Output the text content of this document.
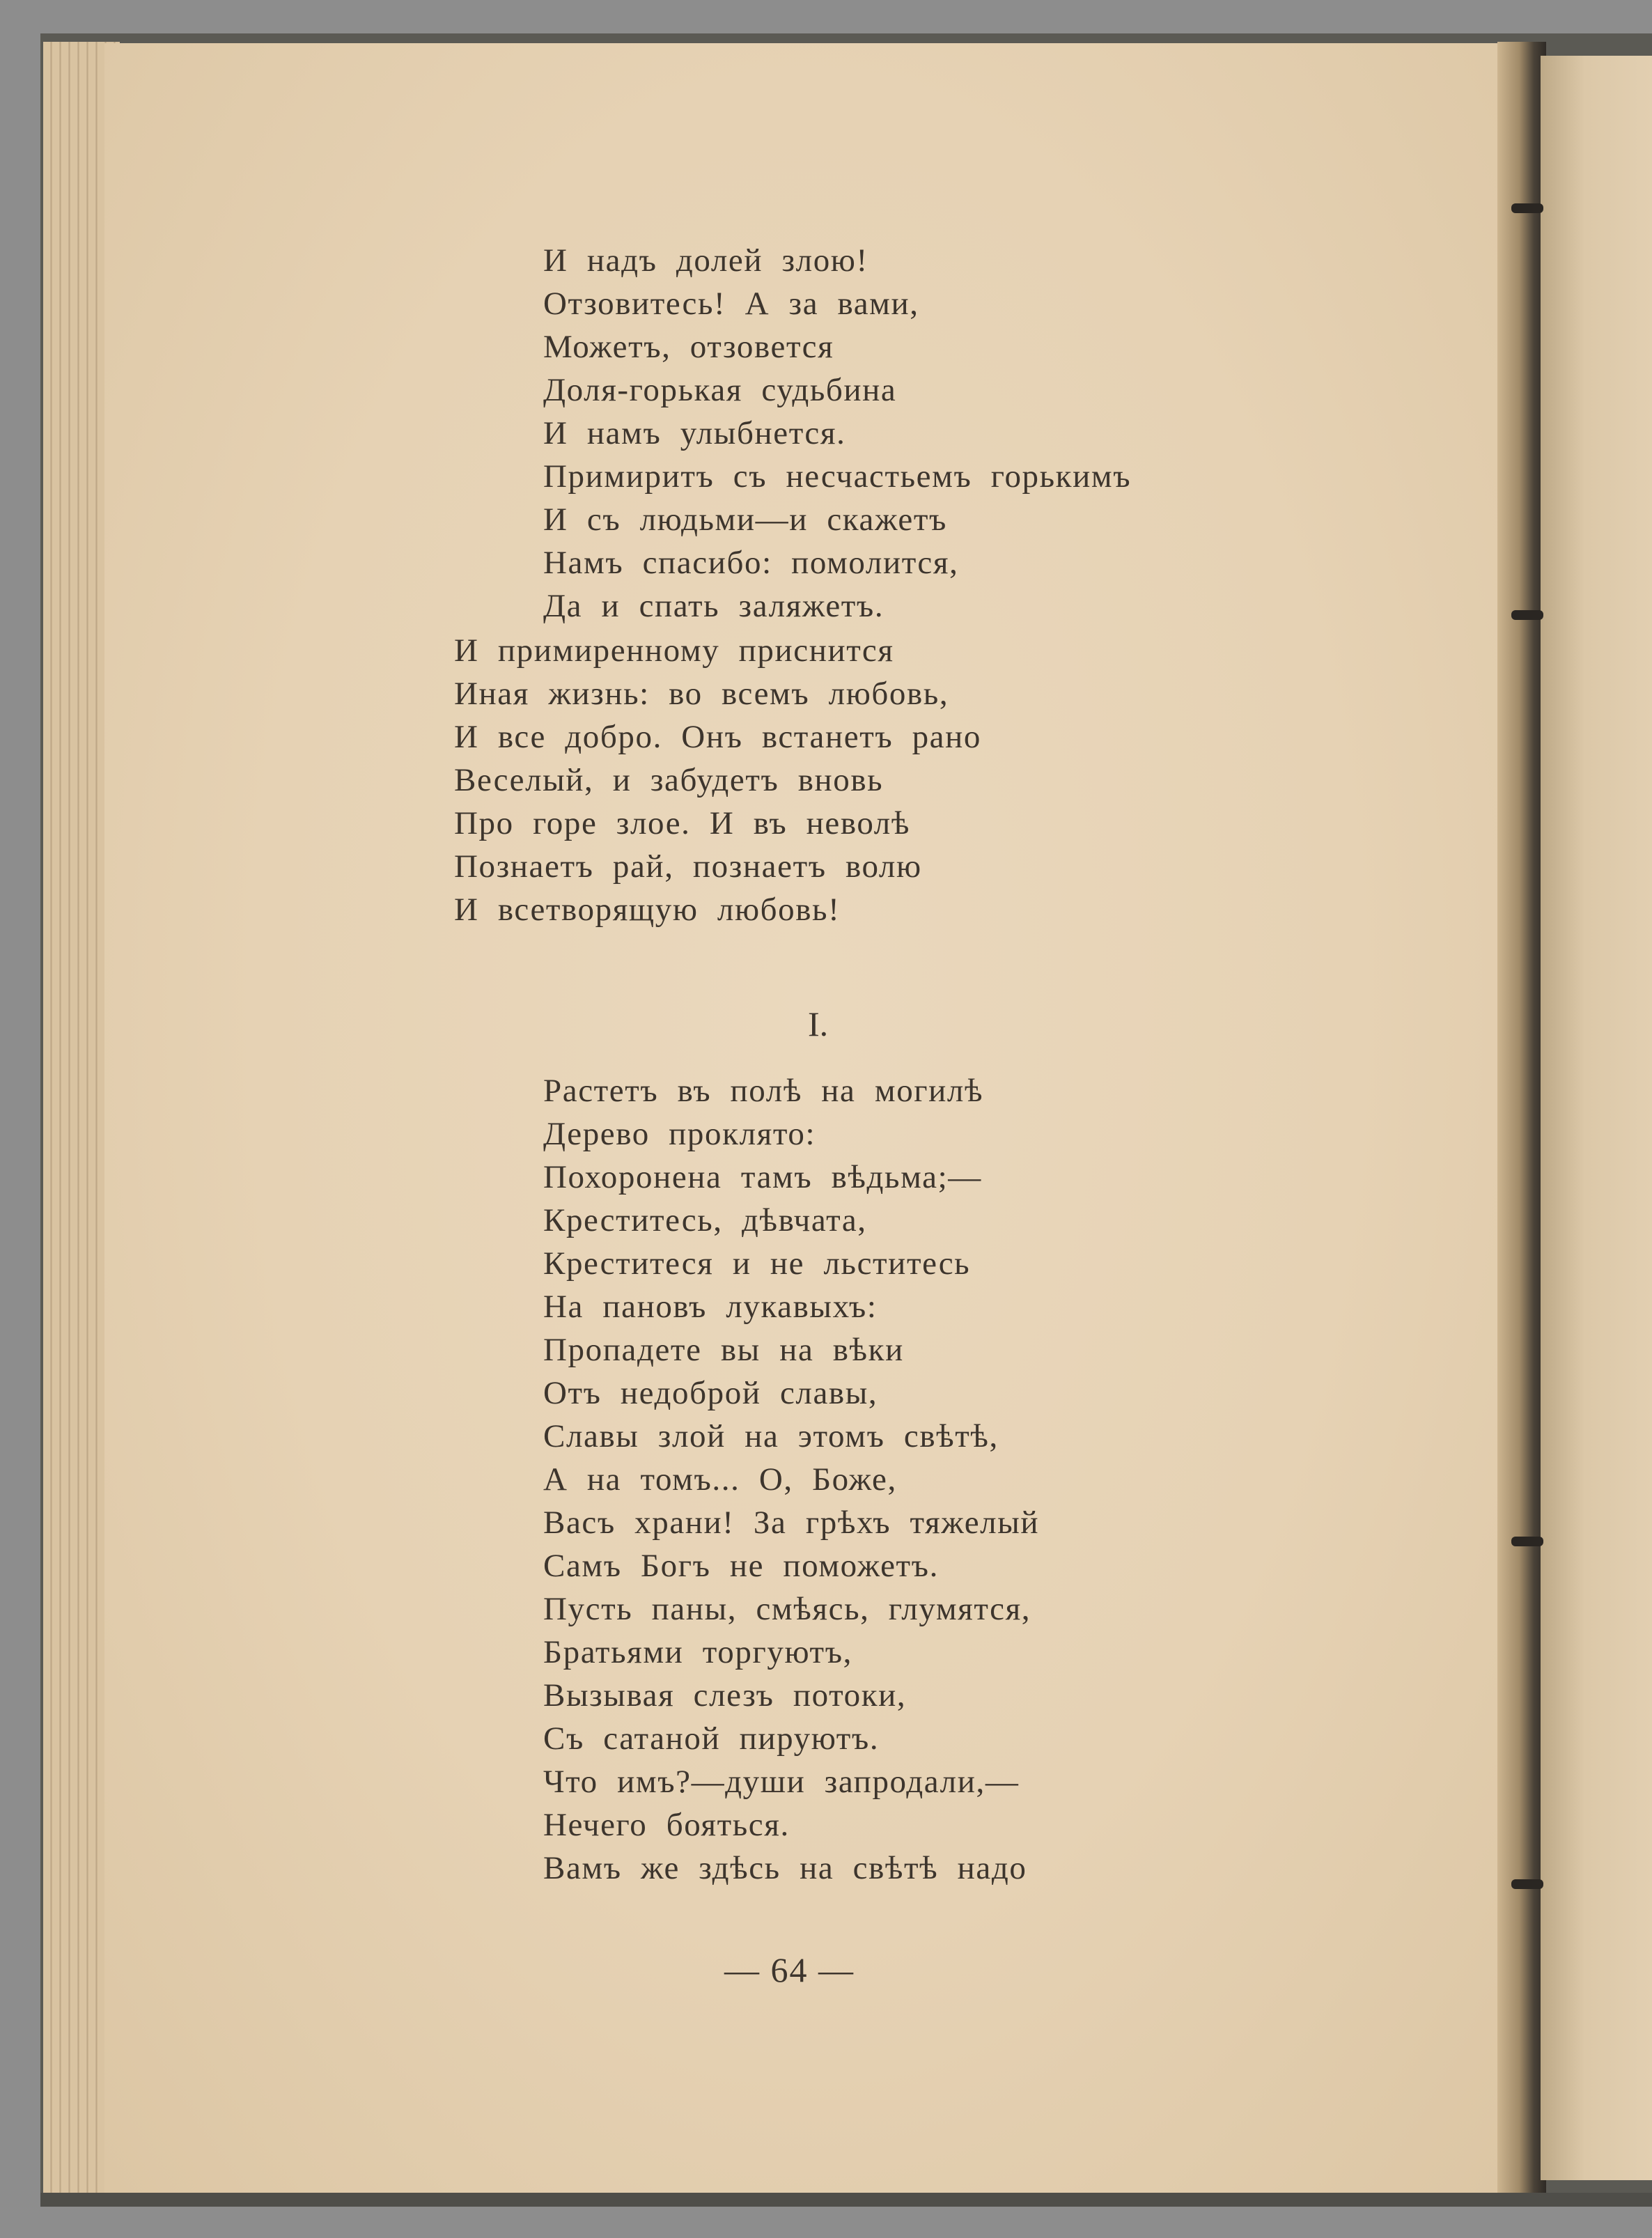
И надъ долей злою!
Отзовитесь! А за вами,
Можетъ, отзовется
Доля-горькая судьбина
И намъ улыбнется.
Примиритъ съ несчастьемъ горькимъ
И съ людьми—и скажетъ
Намъ спасибо: помолится,
Да и спать заляжетъ.
И примиренному приснится
Иная жизнь: во всемъ любовь,
И все добро. Онъ встанетъ рано
Веселый, и забудетъ вновь
Про горе злое. И въ неволѣ
Познаетъ рай, познаетъ волю
И всетворящую любовь!
I.
Растетъ въ полѣ на могилѣ
Дерево проклято:
Похоронена тамъ вѣдьма;—
Креститесь, дѣвчата,
Креститеся и не льститесь
На пановъ лукавыхъ:
Пропадете вы на вѣки
Отъ недоброй славы,
Славы злой на этомъ свѣтѣ,
А на томъ... О, Боже,
Васъ храни! За грѣхъ тяжелый
Самъ Богъ не поможетъ.
Пусть паны, смѣясь, глумятся,
Братьями торгуютъ,
Вызывая слезъ потоки,
Съ сатаной пируютъ.
Что имъ?—души запродали,—
Нечего бояться.
Вамъ же здѣсь на свѣтѣ надо
— 64 —
